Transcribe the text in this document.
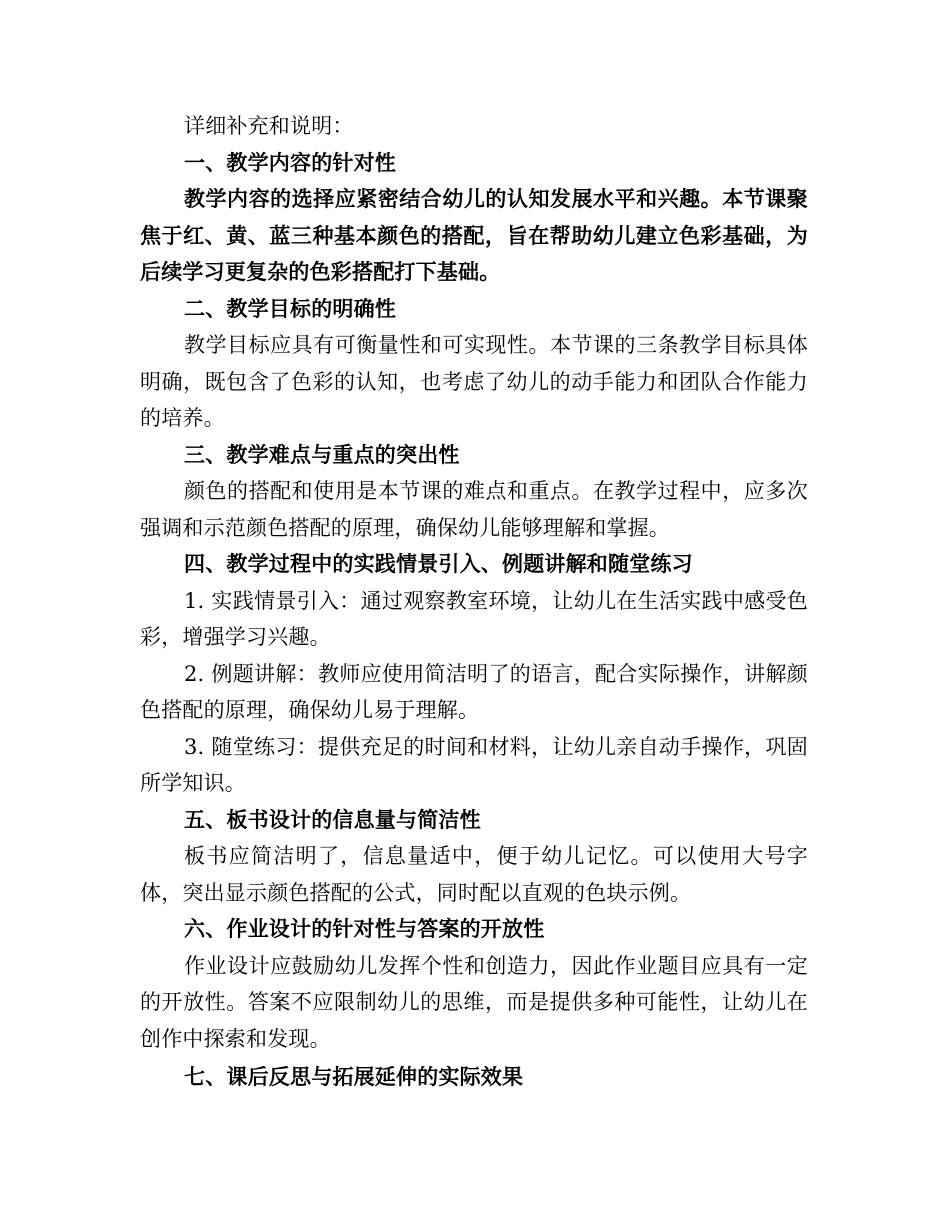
详细补充和说明：

一、教学内容的针对性

教学内容的选择应紧密结合幼儿的认知发展水平和兴趣。本节课聚焦于红、黄、蓝三种基本颜色的搭配，旨在帮助幼儿建立色彩基础，为后续学习更复杂的色彩搭配打下基础。

二、教学目标的明确性

教学目标应具有可衡量性和可实现性。本节课的三条教学目标具体明确，既包含了色彩的认知，也考虑了幼儿的动手能力和团队合作能力的培养。

三、教学难点与重点的突出性

颜色的搭配和使用是本节课的难点和重点。在教学过程中，应多次强调和示范颜色搭配的原理，确保幼儿能够理解和掌握。

四、教学过程中的实践情景引入、例题讲解和随堂练习

1. 实践情景引入：通过观察教室环境，让幼儿在生活实践中感受色彩，增强学习兴趣。

2. 例题讲解：教师应使用简洁明了的语言，配合实际操作，讲解颜色搭配的原理，确保幼儿易于理解。

3. 随堂练习：提供充足的时间和材料，让幼儿亲自动手操作，巩固所学知识。

五、板书设计的信息量与简洁性

板书应简洁明了，信息量适中，便于幼儿记忆。可以使用大号字体，突出显示颜色搭配的公式，同时配以直观的色块示例。

六、作业设计的针对性与答案的开放性

作业设计应鼓励幼儿发挥个性和创造力，因此作业题目应具有一定的开放性。答案不应限制幼儿的思维，而是提供多种可能性，让幼儿在创作中探索和发现。

七、课后反思与拓展延伸的实际效果
